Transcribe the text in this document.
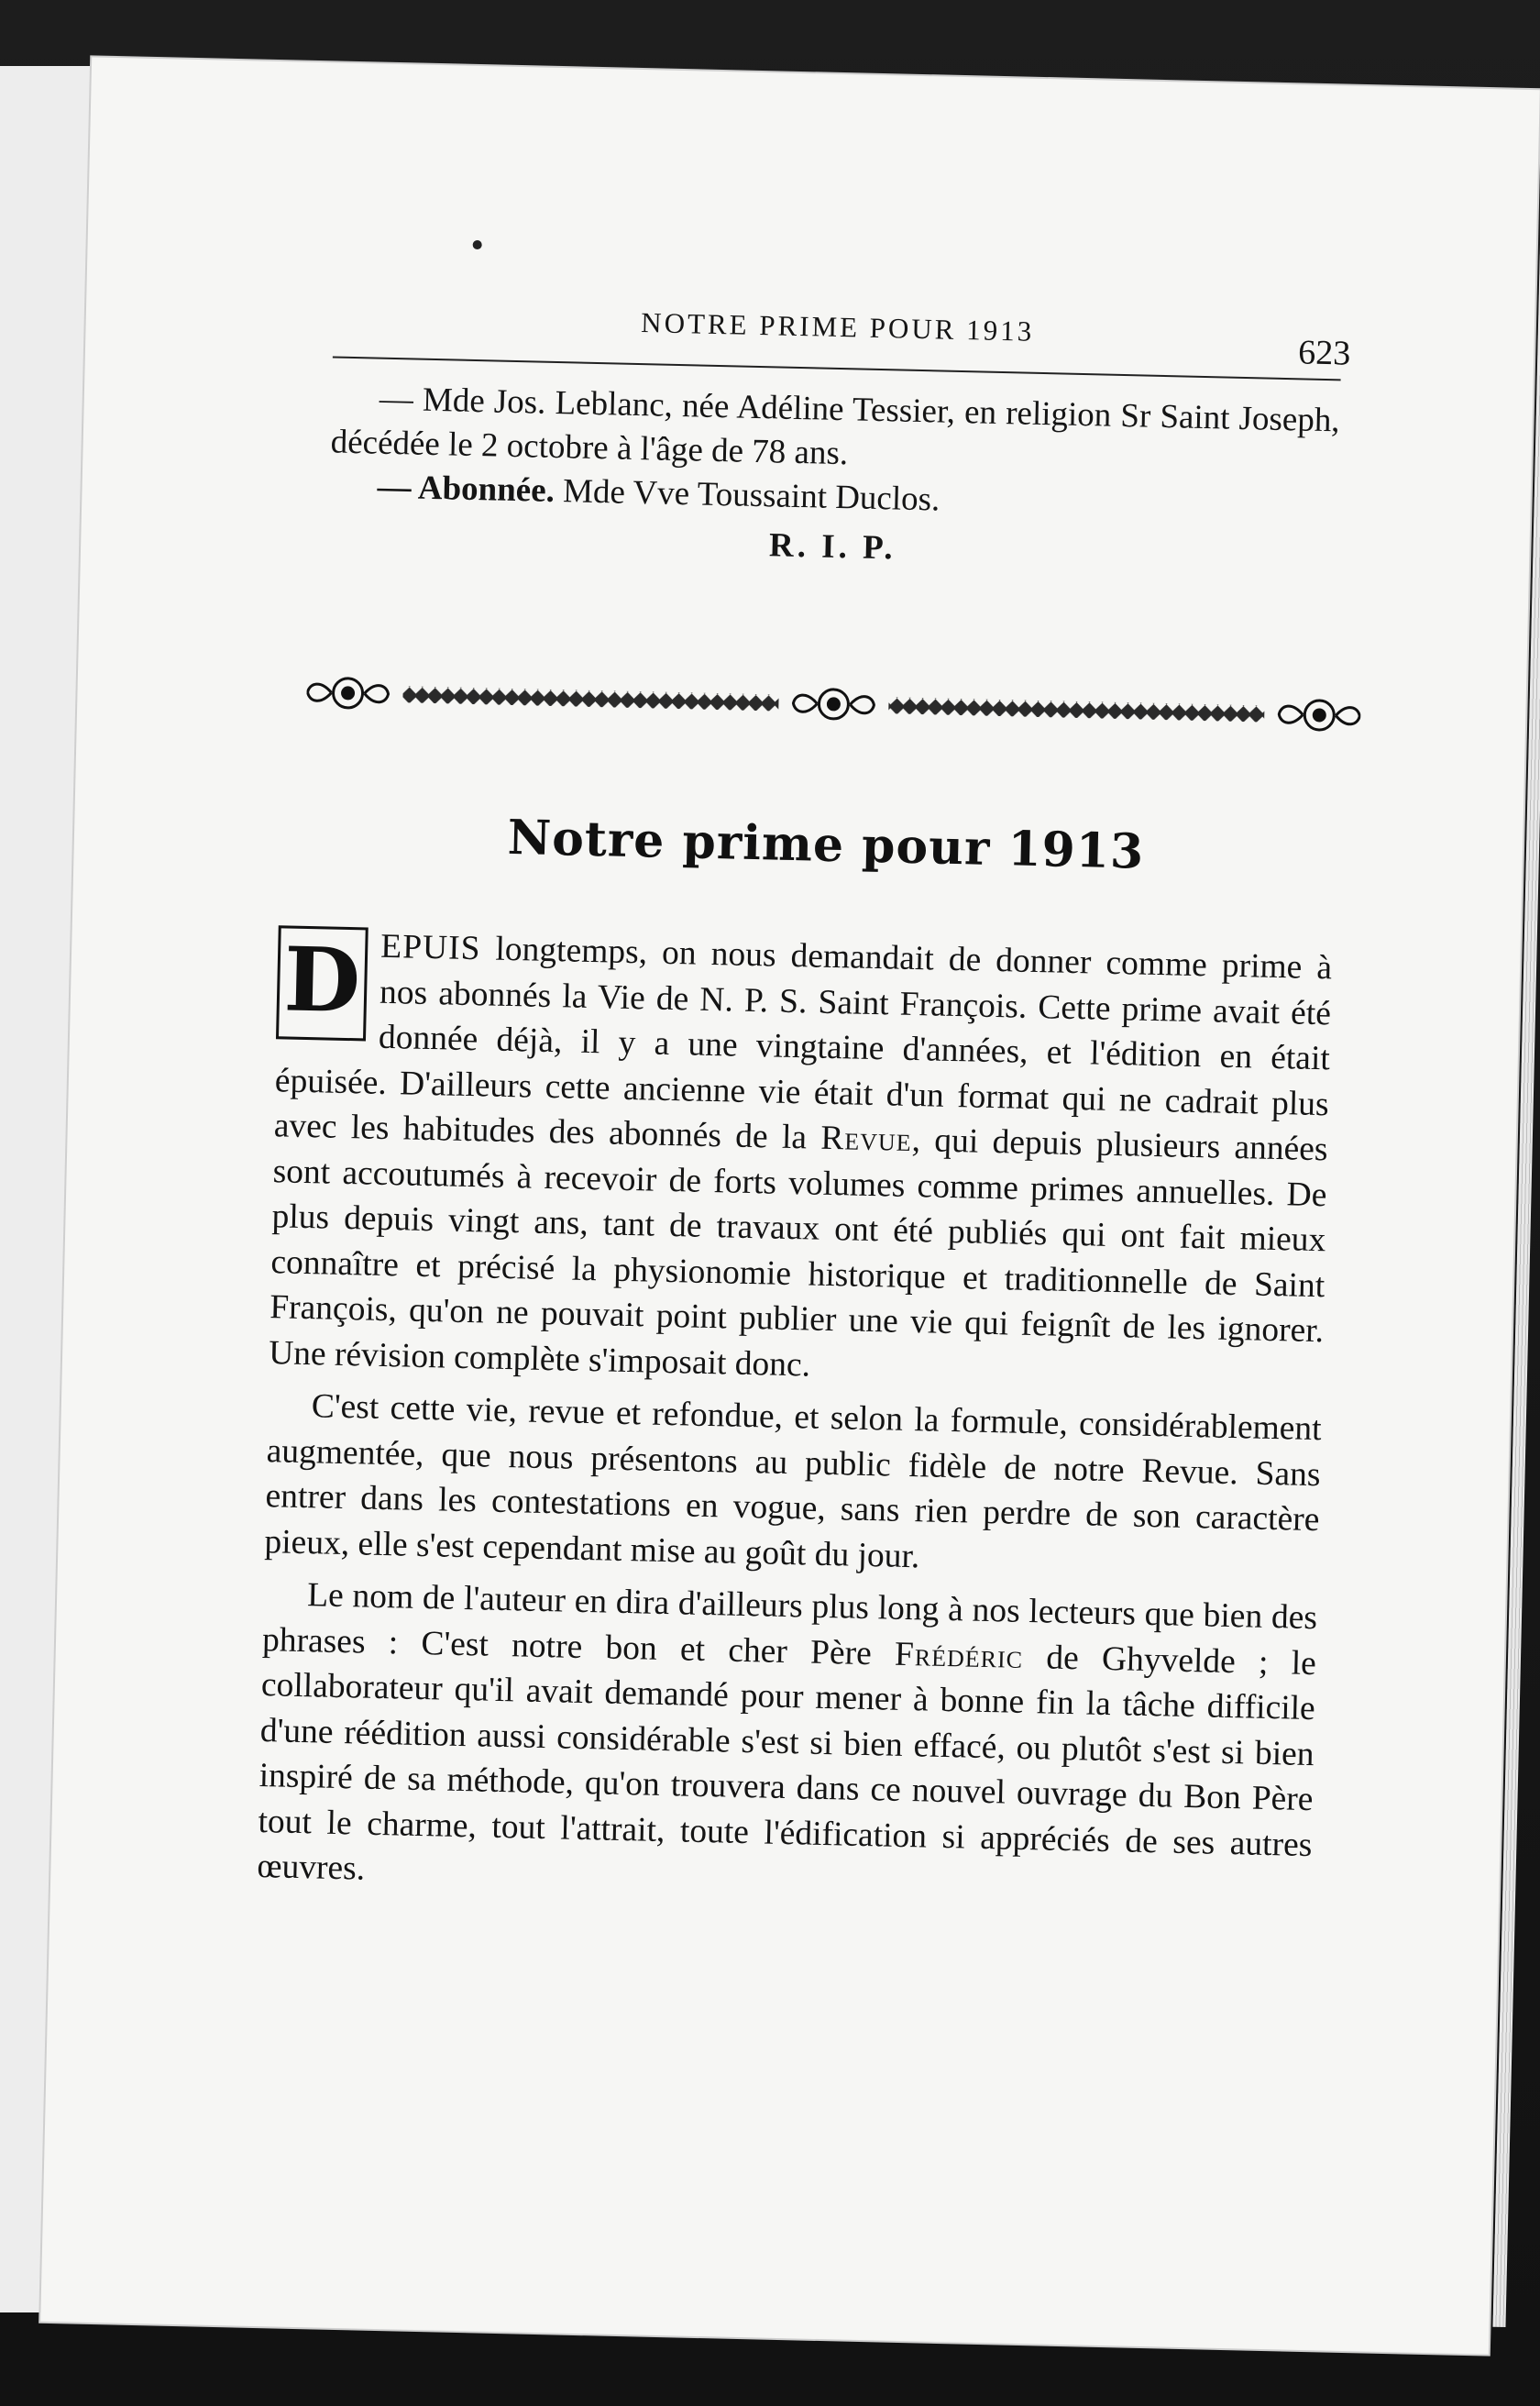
NOTRE PRIME POUR 1913
623

— Mde Jos. Leblanc, née Adéline Tessier, en religion Sr Saint Joseph, décédée le 2 octobre à l'âge de 78 ans.

— Abonnée. Mde Vve Toussaint Duclos.

R. I. P.

Notre prime pour 1913

D EPUIS longtemps, on nous demandait de donner comme prime à nos abonnés la Vie de N. P. S. Saint François. Cette prime avait été donnée déjà, il y a une vingtaine d'années, et l'édition en était épuisée. D'ailleurs cette ancienne vie était d'un format qui ne cadrait plus avec les habitudes des abonnés de la Revue, qui depuis plusieurs années sont accoutumés à recevoir de forts volumes comme primes annuelles. De plus depuis vingt ans, tant de travaux ont été publiés qui ont fait mieux connaître et précisé la physionomie historique et traditionnelle de Saint François, qu'on ne pouvait point publier une vie qui feignît de les ignorer. Une révision complète s'imposait donc.

C'est cette vie, revue et refondue, et selon la formule, considérablement augmentée, que nous présentons au public fidèle de notre Revue. Sans entrer dans les contestations en vogue, sans rien perdre de son caractère pieux, elle s'est cependant mise au goût du jour.

Le nom de l'auteur en dira d'ailleurs plus long à nos lecteurs que bien des phrases : C'est notre bon et cher Père Frédéric de Ghyvelde ; le collaborateur qu'il avait demandé pour mener à bonne fin la tâche difficile d'une réédition aussi considérable s'est si bien effacé, ou plutôt s'est si bien inspiré de sa méthode, qu'on trouvera dans ce nouvel ouvrage du Bon Père tout le charme, tout l'attrait, toute l'édification si appréciés de ses autres œuvres.
